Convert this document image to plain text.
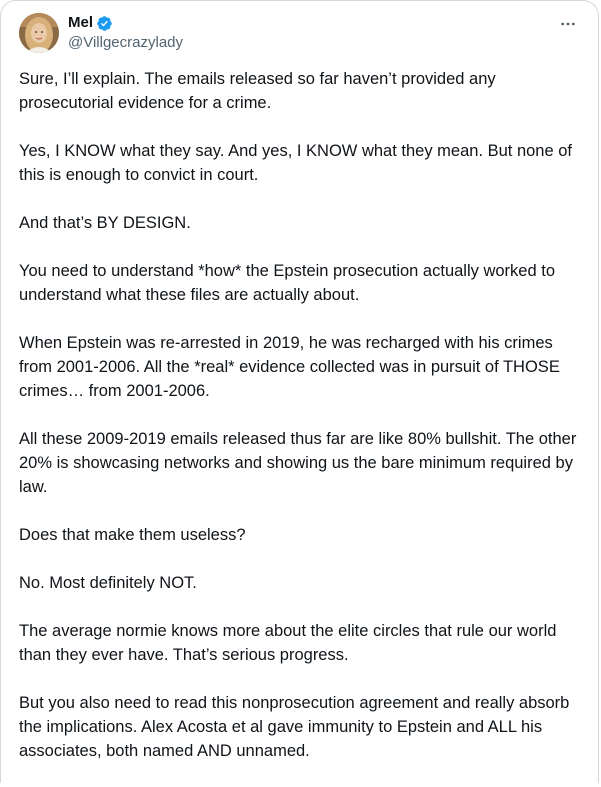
Mel
@Villgecrazylady

Sure, I’ll explain. The emails released so far haven’t provided any prosecutorial evidence for a crime.

Yes, I KNOW what they say. And yes, I KNOW what they mean. But none of this is enough to convict in court.

And that’s BY DESIGN.

You need to understand *how* the Epstein prosecution actually worked to understand what these files are actually about.

When Epstein was re-arrested in 2019, he was recharged with his crimes from 2001-2006. All the *real* evidence collected was in pursuit of THOSE crimes… from 2001-2006.

All these 2009-2019 emails released thus far are like 80% bullshit. The other 20% is showcasing networks and showing us the bare minimum required by law.

Does that make them useless?

No. Most definitely NOT.

The average normie knows more about the elite circles that rule our world than they ever have. That’s serious progress.

But you also need to read this nonprosecution agreement and really absorb the implications. Alex Acosta et al gave immunity to Epstein and ALL his associates, both named AND unnamed.
